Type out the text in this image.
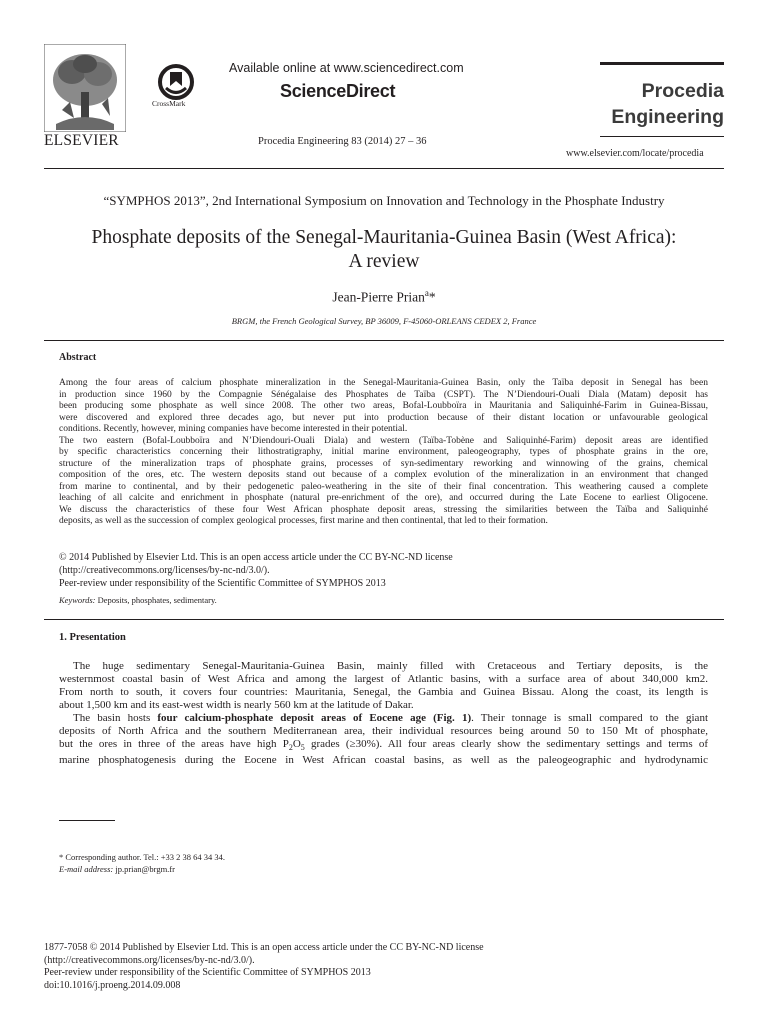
ELSEVIER
CrossMark
Available online at www.sciencedirect.com
ScienceDirect
Procedia Engineering 83 (2014) 27 – 36
Procedia
Engineering
www.elsevier.com/locate/procedia
“SYMPHOS 2013”, 2nd International Symposium on Innovation and Technology in the Phosphate Industry
Phosphate deposits of the Senegal-Mauritania-Guinea Basin (West Africa):
A review
Jean-Pierre Prian$^a$*
BRGM, the French Geological Survey, BP 36009, F-45060-ORLEANS CEDEX 2, France
Abstract

Among the four areas of calcium phosphate mineralization in the Senegal-Mauritania-Guinea Basin, only the Taïba deposit in Senegal has been

in production since 1960 by the Compagnie Sénégalaise des Phosphates de Taïba (CSPT). The N’Diendouri-Ouali Diala (Matam) deposit has

been producing some phosphate as well since 2008. The other two areas, Bofal-Loubboïra in Mauritania and Saliquinhé-Farim in Guinea-Bissau,

were discovered and explored three decades ago, but never put into production because of their distant location or unfavourable geological

conditions. Recently, however, mining companies have become interested in their potential.

The two eastern (Bofal-Loubboïra and N’Diendouri-Ouali Diala) and western (Taïba-Tobène and Saliquinhé-Farim) deposit areas are identified

by specific characteristics concerning their lithostratigraphy, initial marine environment, paleogeography, types of phosphate grains in the ore,

structure of the mineralization traps of phosphate grains, processes of syn-sedimentary reworking and winnowing of the grains, chemical

composition of the ores, etc. The western deposits stand out because of a complex evolution of the mineralization in an environment that changed

from marine to continental, and by their pedogenetic paleo-weathering in the site of their final concentration. This weathering caused a complete

leaching of all calcite and enrichment in phosphate (natural pre-enrichment of the ore), and occurred during the Late Eocene to earliest Oligocene.

We discuss the characteristics of these four West African phosphate deposit areas, stressing the similarities between the Taïba and Saliquinhé

deposits, as well as the succession of complex geological processes, first marine and then continental, that led to their formation.

© 2014 Published by Elsevier Ltd. This is an open access article under the CC BY-NC-ND license
(http://creativecommons.org/licenses/by-nc-nd/3.0/).
Peer-review under responsibility of the Scientific Committee of SYMPHOS 2013
Keywords: Deposits, phosphates, sedimentary.
1. Presentation

The huge sedimentary Senegal-Mauritania-Guinea Basin, mainly filled with Cretaceous and Tertiary deposits, is the

westernmost coastal basin of West Africa and among the largest of Atlantic basins, with a surface area of about 340,000 km2.

From north to south, it covers four countries: Mauritania, Senegal, the Gambia and Guinea Bissau. Along the coast, its length is

about 1,500 km and its east-west width is nearly 560 km at the latitude of Dakar.

The basin hosts four calcium-phosphate deposit areas of Eocene age (Fig. 1). Their tonnage is small compared to the giant

deposits of North Africa and the southern Mediterranean area, their individual resources being around 50 to 150 Mt of phosphate,

but the ores in three of the areas have high $P_2O_5$ grades (≥30%). All four areas clearly show the sedimentary settings and terms of

marine phosphatogenesis during the Eocene in West African coastal basins, as well as the paleogeographic and hydrodynamic

* Corresponding author. Tel.: +33 2 38 64 34 34.
E-mail address: jp.prian@brgm.fr
1877-7058 © 2014 Published by Elsevier Ltd. This is an open access article under the CC BY-NC-ND license
(http://creativecommons.org/licenses/by-nc-nd/3.0/).
Peer-review under responsibility of the Scientific Committee of SYMPHOS 2013
doi:10.1016/j.proeng.2014.09.008
